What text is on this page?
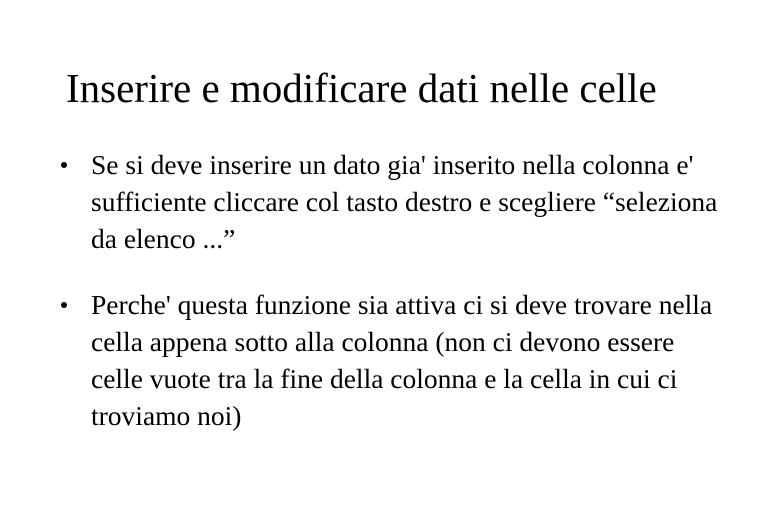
Inserire e modificare dati nelle celle
Se si deve inserire un dato gia' inserito nella colonna e' sufficiente cliccare col tasto destro e scegliere “seleziona da elenco ...”
Perche' questa funzione sia attiva ci si deve trovare nella cella appena sotto alla colonna (non ci devono essere celle vuote tra la fine della colonna e la cella in cui ci troviamo noi)
